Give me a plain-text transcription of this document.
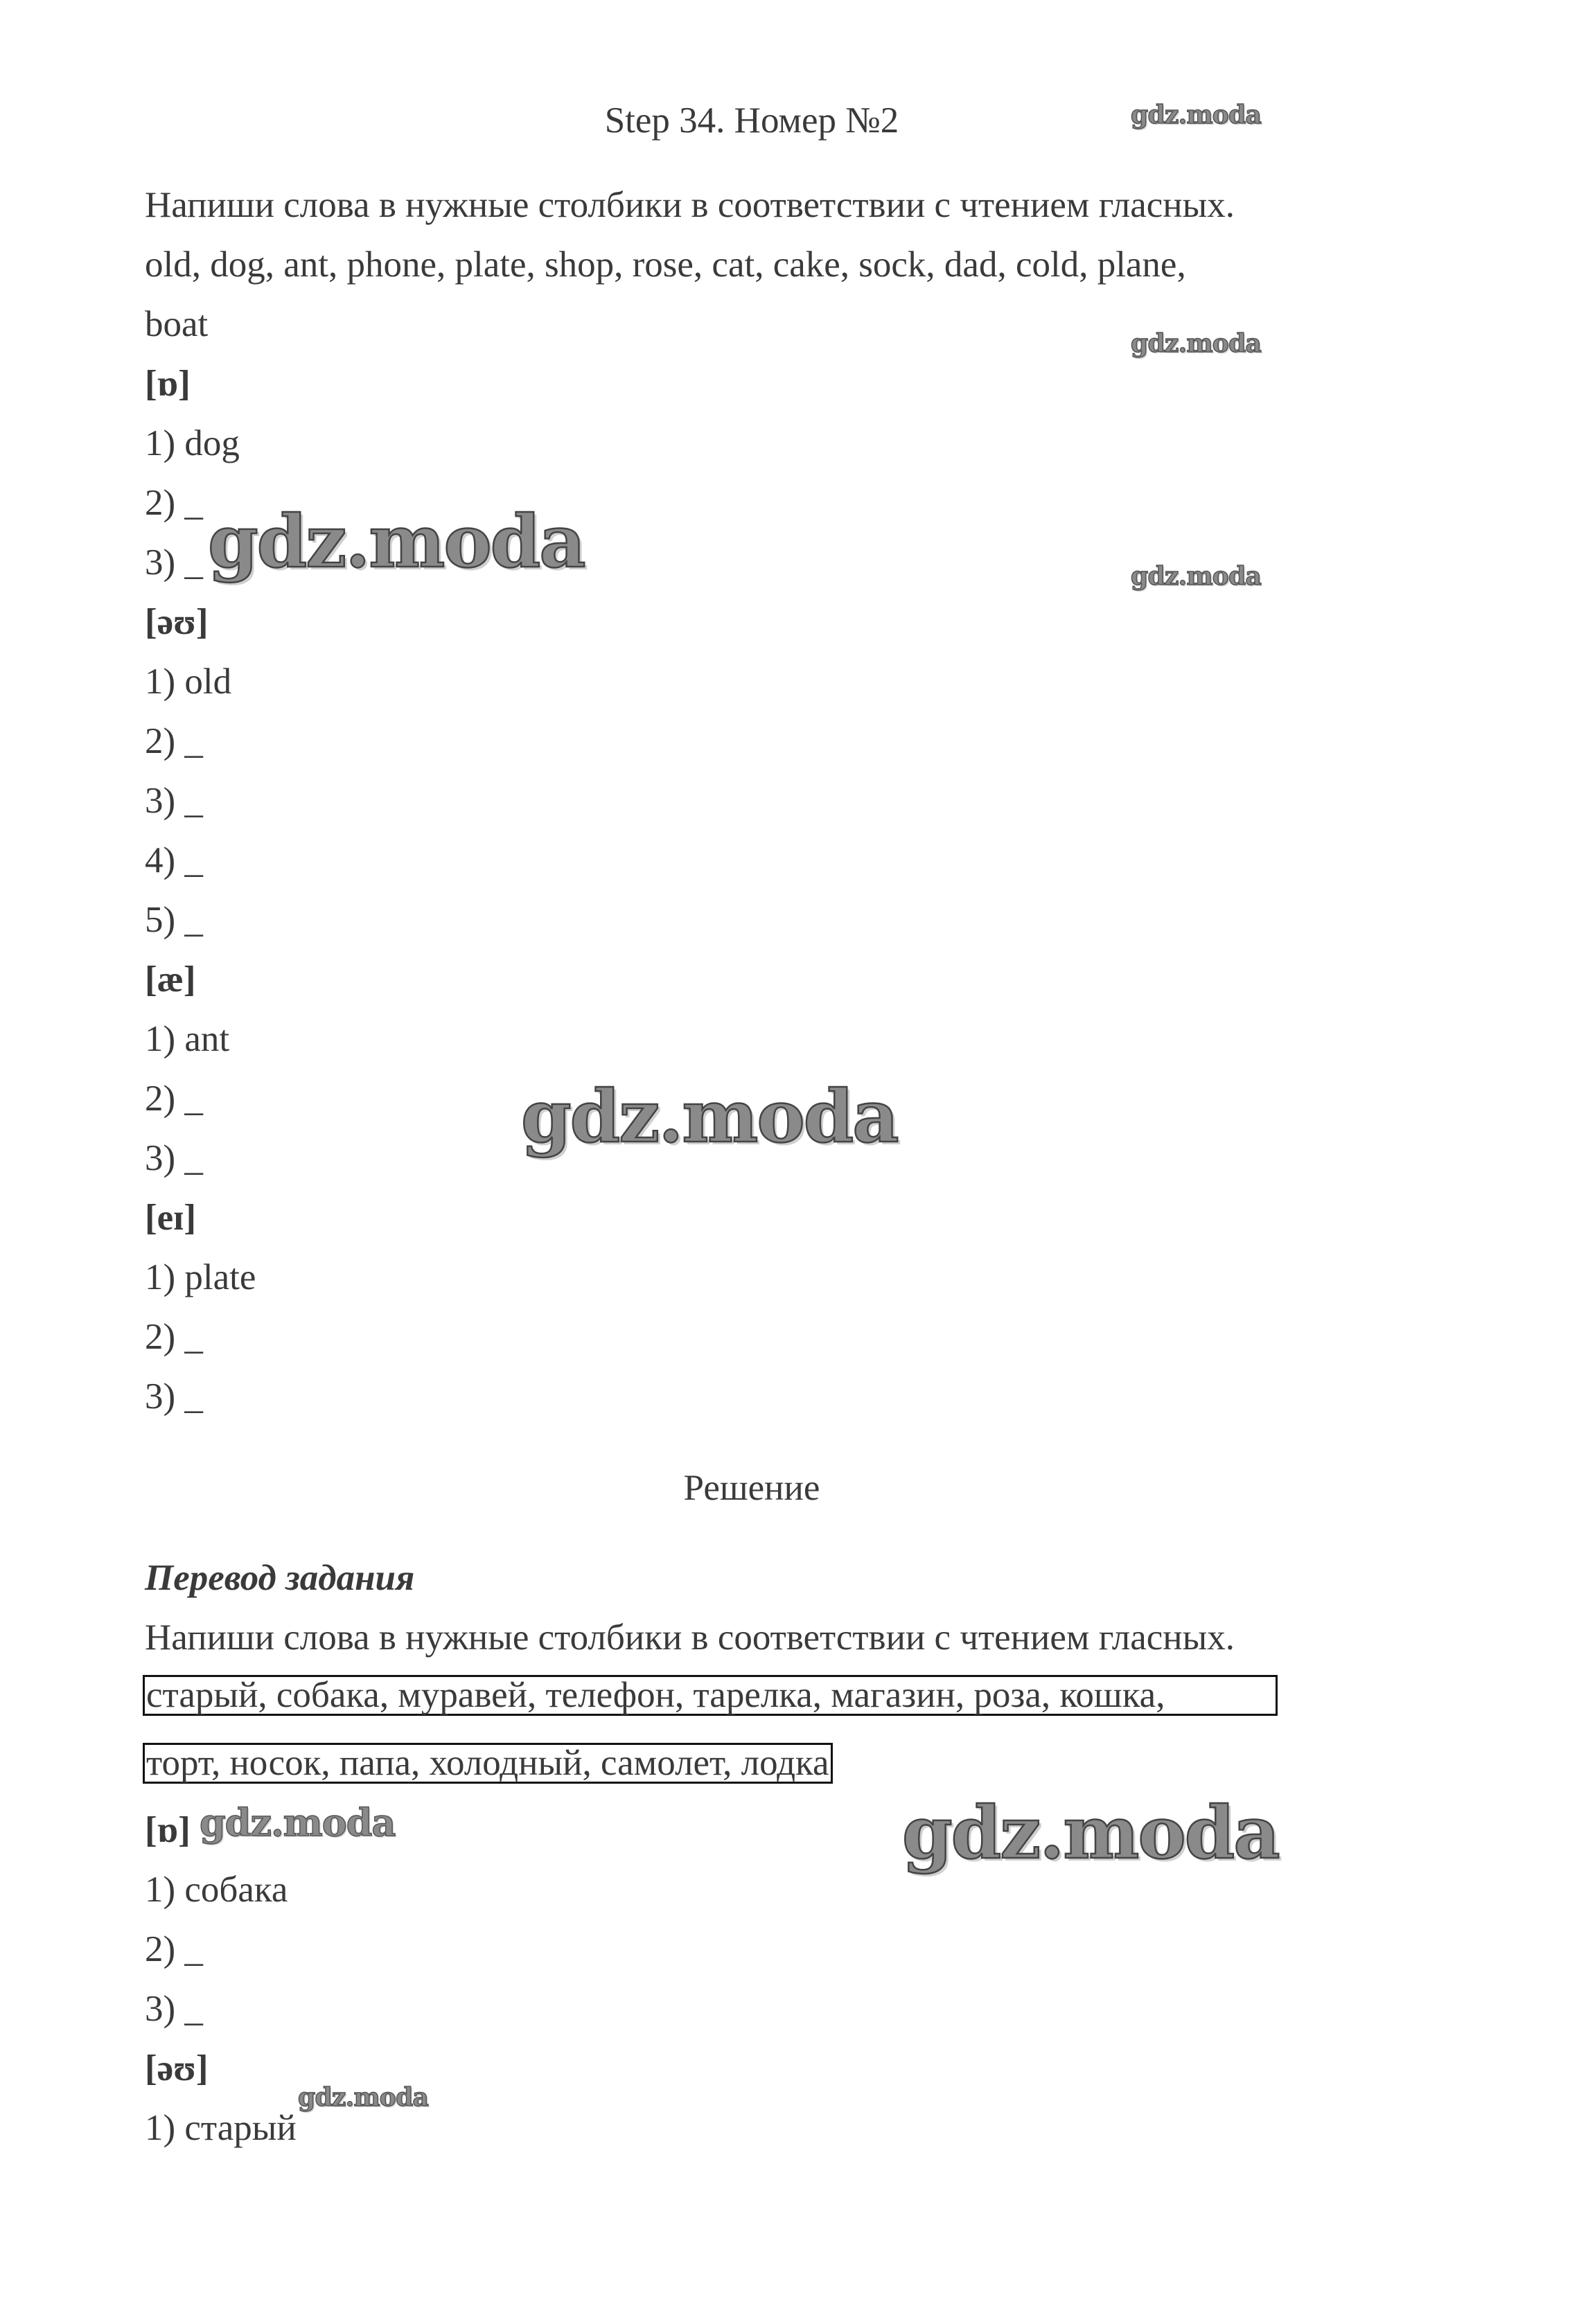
Step 34. Номер №2
Напиши слова в нужные столбики в соответствии с чтением гласных.
old, dog, ant, phone, plate, shop, rose, cat, cake, sock, dad, cold, plane,
boat
[ɒ]
1) dog
2) _
3) _
[əʊ]
1) old
2) _
3) _
4) _
5) _
[æ]
1) ant
2) _
3) _
[eɪ]
1) plate
2) _
3) _
Решение
Перевод задания
Напиши слова в нужные столбики в соответствии с чтением гласных.
старый, собака, муравей, телефон, тарелка, магазин, роза, кошка,
торт, носок, папа, холодный, самолет, лодка
[ɒ]
1) собака
2) _
3) _
[əʊ]
1) старый
gdz.moda
gdz.moda
gdz.moda
gdz.moda
gdz.moda
gdz.moda	gdz.moda
gdz.moda
